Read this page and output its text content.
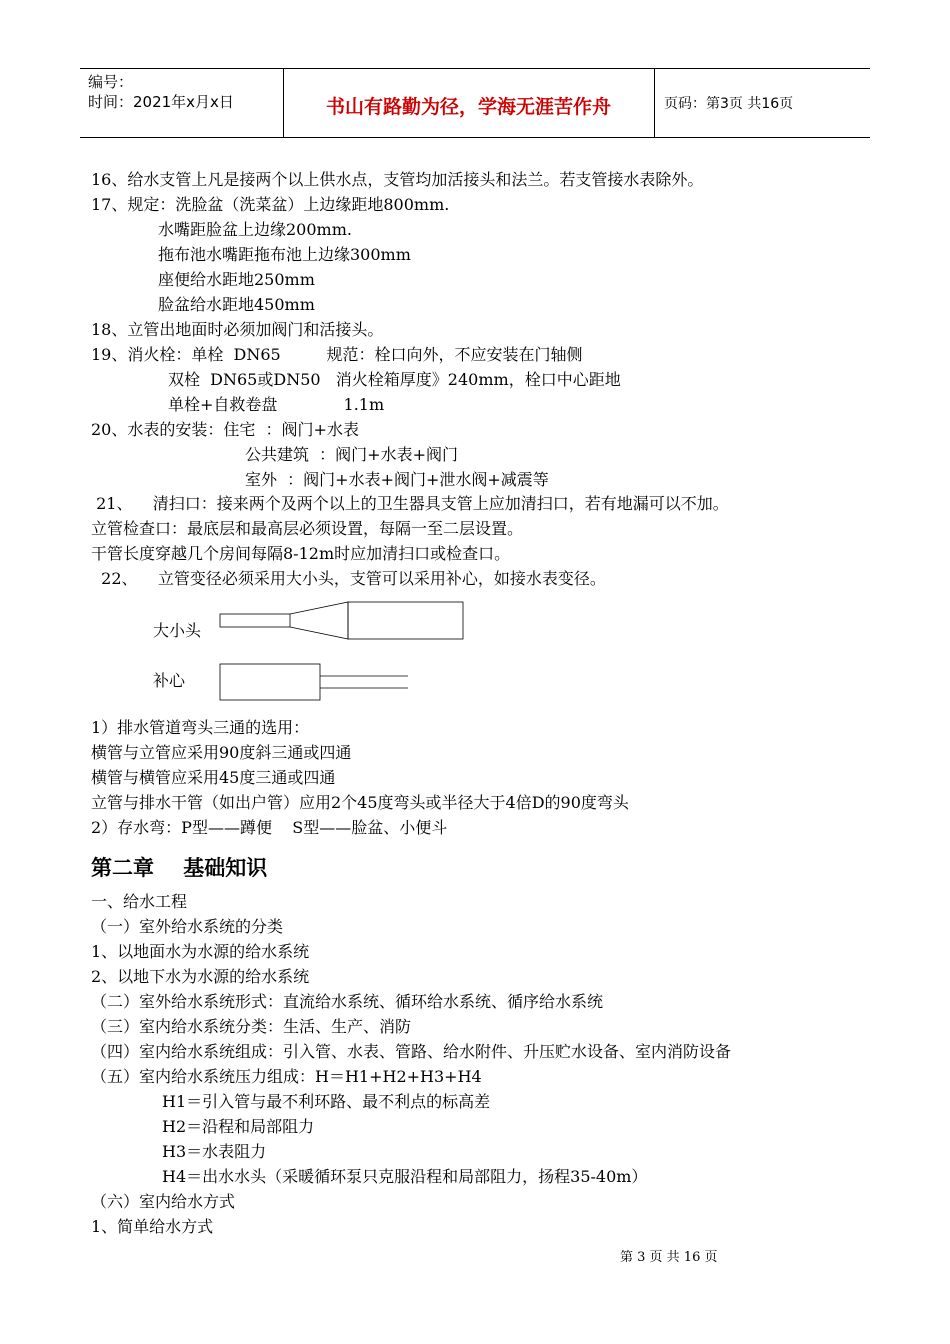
编号：
时间：2021年x月x日	书山有路勤为径，学海无涯苦作舟	页码：第3页 共16页
16、给水支管上凡是接两个以上供水点，支管均加活接头和法兰。若支管接水表除外。
17、规定：洗脸盆（洗菜盆）上边缘距地800mm.
水嘴距脸盆上边缘200mm.
拖布池水嘴距拖布池上边缘300mm
座便给水距地250mm
脸盆给水距地450mm
18、立管出地面时必须加阀门和活接头。
19、消火栓：单栓  DN65         规范：栓口向外，不应安装在门轴侧
双栓  DN65或DN50   消火栓箱厚度》240mm，栓口中心距地
单栓+自救卷盘             1.1m
20、水表的安装：住宅  ：阀门+水表
公共建筑  ：阀门+水表+阀门
室外  ：阀门+水表+阀门+泄水阀+减震等
21、    清扫口：接来两个及两个以上的卫生器具支管上应加清扫口，若有地漏可以不加。
立管检查口：最底层和最高层必须设置，每隔一至二层设置。
干管长度穿越几个房间每隔8-12m时应加清扫口或检查口。
22、    立管变径必须采用大小头，支管可以采用补心，如接水表变径。
大小头
补心
1）排水管道弯头三通的选用：
横管与立管应采用90度斜三通或四通
横管与横管应采用45度三通或四通
立管与排水干管（如出户管）应用2个45度弯头或半径大于4倍D的90度弯头
2）存水弯：P型——蹲便    S型——脸盆、小便斗
第二章    基础知识
一、给水工程
（一）室外给水系统的分类
1、以地面水为水源的给水系统
2、以地下水为水源的给水系统
（二）室外给水系统形式：直流给水系统、循环给水系统、循序给水系统
（三）室内给水系统分类：生活、生产、消防
（四）室内给水系统组成：引入管、水表、管路、给水附件、升压贮水设备、室内消防设备
（五）室内给水系统压力组成：H＝H1+H2+H3+H4
H1＝引入管与最不利环路、最不利点的标高差
H2＝沿程和局部阻力
H3＝水表阻力
H4＝出水水头（采暖循环泵只克服沿程和局部阻力，扬程35-40m）
（六）室内给水方式
1、简单给水方式
第 3 页 共 16 页
